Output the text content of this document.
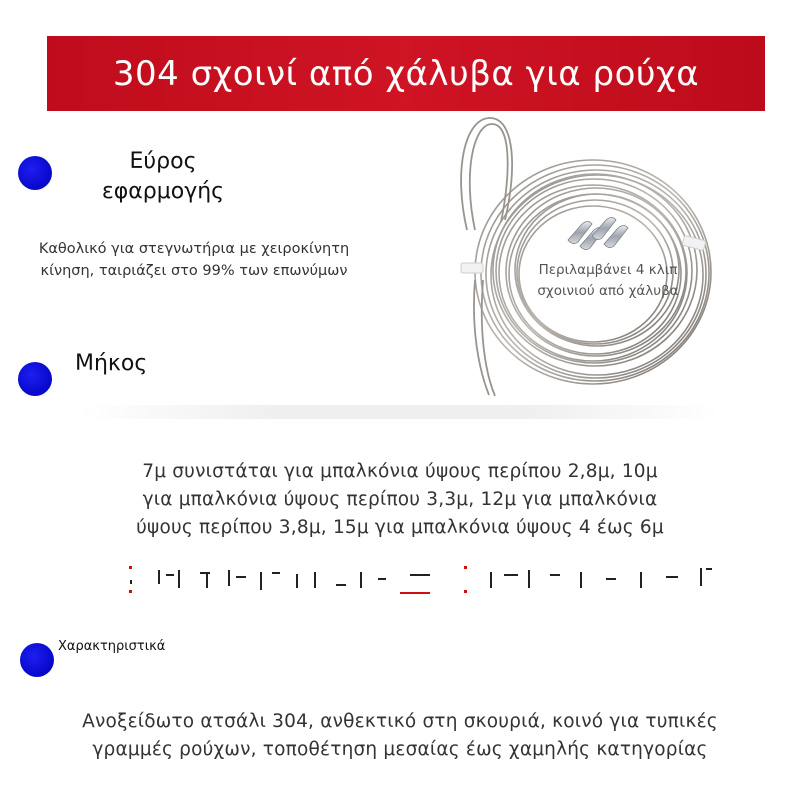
304 σχοινί από χάλυβα για ρούχα
Εύρος
εφαρμογής
Καθολικό για στεγνωτήρια με χειροκίνητη
κίνηση, ταιριάζει στο 99% των επωνύμων	Περιλαμβάνει 4 κλιπ
σχοινιού από χάλυβα
Μήκος
7μ συνιστάται για μπαλκόνια ύψους περίπου 2,8μ, 10μ
για μπαλκόνια ύψους περίπου 3,3μ, 12μ για μπαλκόνια
ύψους περίπου 3,8μ, 15μ για μπαλκόνια ύψους 4 έως 6μ
Χαρακτηριστικά
Ανοξείδωτο ατσάλι 304, ανθεκτικό στη σκουριά, κοινό για τυπικές
γραμμές ρούχων, τοποθέτηση μεσαίας έως χαμηλής κατηγορίας
